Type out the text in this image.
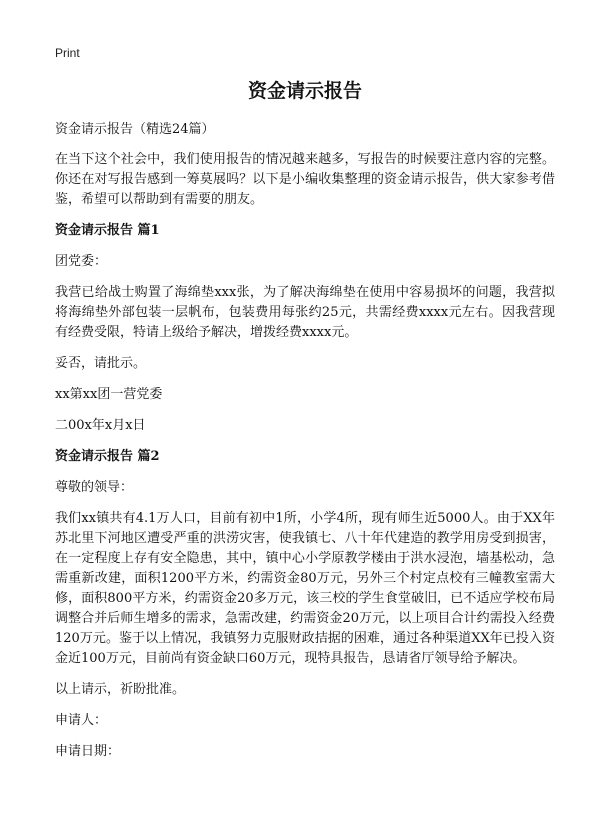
Print
资金请示报告

资金请示报告（精选24篇）

在当下这个社会中，我们使用报告的情况越来越多，写报告的时候要注意内容的完整。你还在对写报告感到一筹莫展吗？以下是小编收集整理的资金请示报告，供大家参考借鉴，希望可以帮助到有需要的朋友。

资金请示报告 篇1

团党委：

我营已给战士购置了海绵垫xxx张，为了解决海绵垫在使用中容易损坏的问题，我营拟将海绵垫外部包装一层帆布，包装费用每张约25元，共需经费xxxx元左右。因我营现有经费受限，特请上级给予解决，增拨经费xxxx元。

妥否，请批示。

xx第xx团一营党委

二00x年x月x日

资金请示报告 篇2

尊敬的领导：

我们xx镇共有4.1万人口，目前有初中1所，小学4所，现有师生近5000人。由于XX年苏北里下河地区遭受严重的洪涝灾害，使我镇七、八十年代建造的教学用房受到损害，在一定程度上存有安全隐患，其中，镇中心小学原教学楼由于洪水浸泡，墙基松动，急需重新改建，面积1200平方米，约需资金80万元，另外三个村定点校有三幢教室需大修，面积800平方米，约需资金20多万元，该三校的学生食堂破旧，已不适应学校布局调整合并后师生增多的需求，急需改建，约需资金20万元，以上项目合计约需投入经费120万元。鉴于以上情况，我镇努力克服财政拮据的困难，通过各种渠道XX年已投入资金近100万元，目前尚有资金缺口60万元，现特具报告，恳请省厅领导给予解决。

以上请示，祈盼批准。

申请人：

申请日期：
